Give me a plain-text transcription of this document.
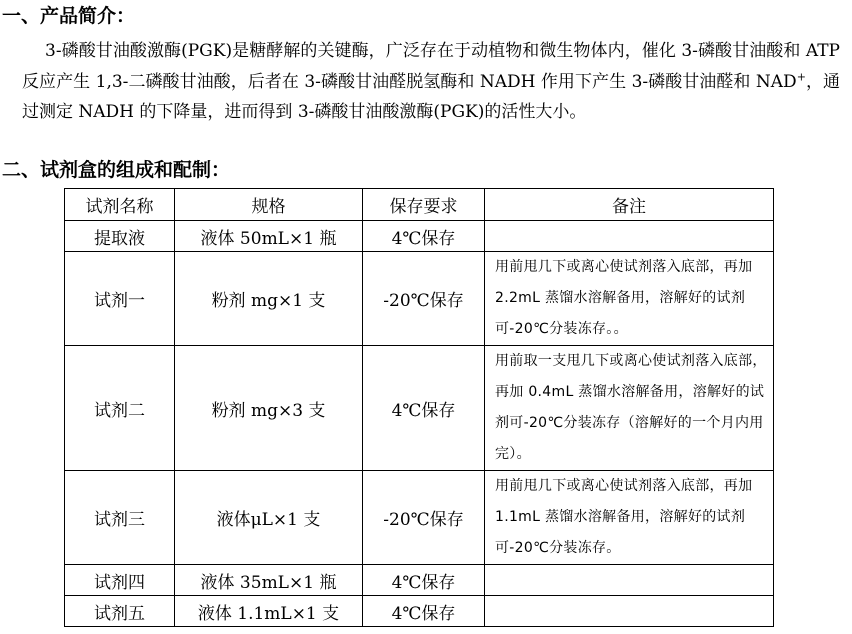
一、产品简介：

3-磷酸甘油酸激酶(PGK)是糖酵解的关键酶，广泛存在于动植物和微生物体内，催化 3-磷酸甘油酸和 ATP 反应产生 1,3-二磷酸甘油酸，后者在 3-磷酸甘油醛脱氢酶和 NADH 作用下产生 3-磷酸甘油醛和 NAD+，通过测定 NADH 的下降量，进而得到 3-磷酸甘油酸激酶(PGK)的活性大小。

二、试剂盒的组成和配制：
试剂名称	规格	保存要求	备注
提取液	液体 50mL×1 瓶	4℃保存	
试剂一	粉剂 mg×1 支	-20℃保存	用前甩几下或离心使试剂落入底部，再加 2.2mL 蒸馏水溶解备用，溶解好的试剂可-20℃分装冻存。。
试剂二	粉剂 mg×3 支	4℃保存	用前取一支甩几下或离心使试剂落入底部，再加 0.4mL 蒸馏水溶解备用，溶解好的试剂可-20℃分装冻存（溶解好的一个月内用完）。
试剂三	液体μL×1 支	-20℃保存	用前甩几下或离心使试剂落入底部，再加 1.1mL 蒸馏水溶解备用，溶解好的试剂可-20℃分装冻存。
试剂四	液体 35mL×1 瓶	4℃保存	
试剂五	液体 1.1mL×1 支	4℃保存	
